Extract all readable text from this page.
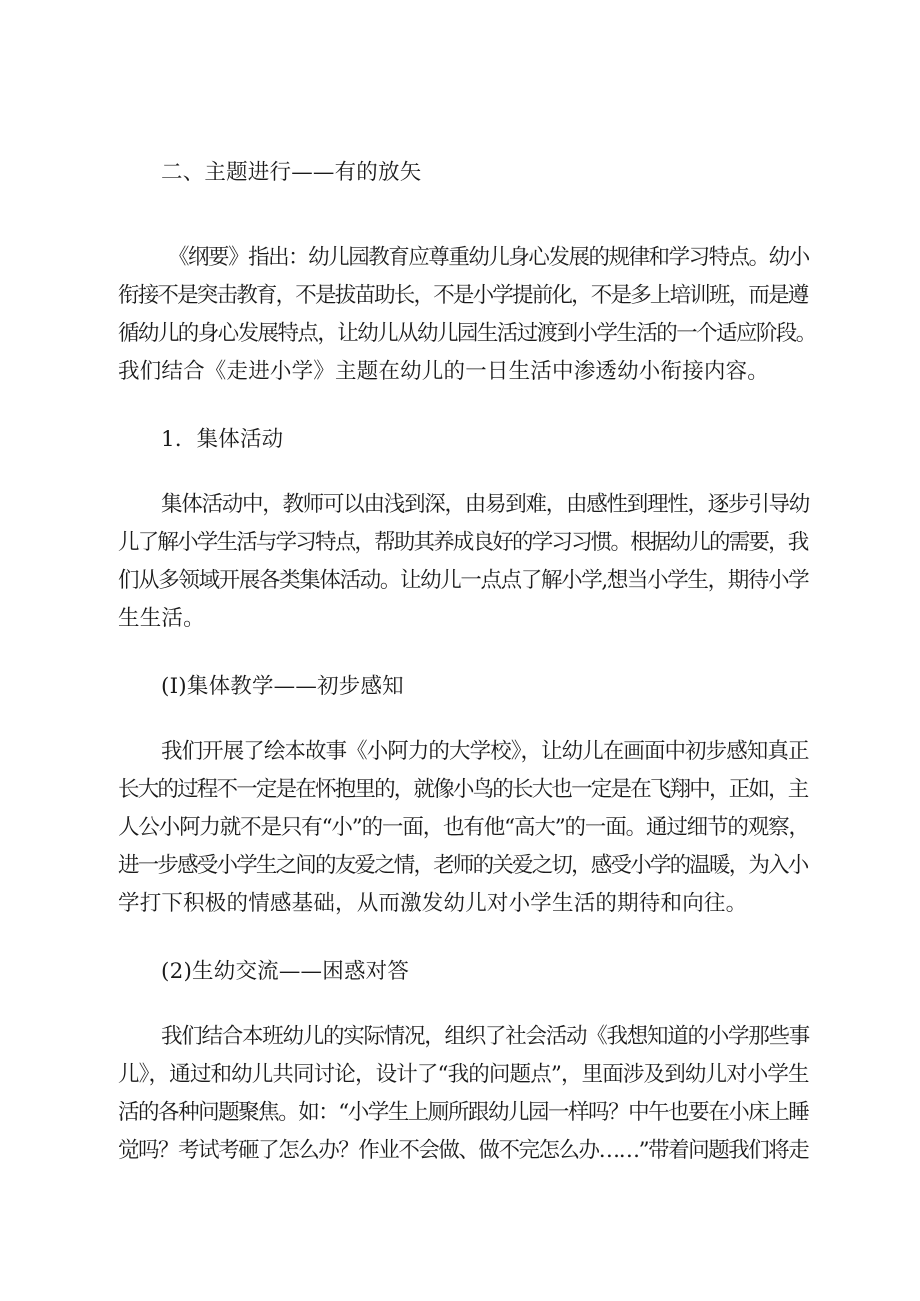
二、主题进行——有的放矢
《纲要》指出：幼儿园教育应尊重幼儿身心发展的规律和学习特点。幼小
衔接不是突击教育，不是拔苗助长，不是小学提前化，不是多上培训班，而是遵
循幼儿的身心发展特点，让幼儿从幼儿园生活过渡到小学生活的一个适应阶段。
我们结合《走进小学》主题在幼儿的一日生活中渗透幼小衔接内容。
1．集体活动
集体活动中，教师可以由浅到深，由易到难，由感性到理性，逐步引导幼
儿了解小学生活与学习特点，帮助其养成良好的学习习惯。根据幼儿的需要，我
们从多领域开展各类集体活动。让幼儿一点点了解小学,想当小学生，期待小学
生生活。
(I)集体教学——初步感知
我们开展了绘本故事《小阿力的大学校》，让幼儿在画面中初步感知真正
长大的过程不一定是在怀抱里的，就像小鸟的长大也一定是在飞翔中，正如，主
人公小阿力就不是只有“小”的一面，也有他“高大”的一面。通过细节的观察，
进一步感受小学生之间的友爱之情，老师的关爱之切，感受小学的温暖，为入小
学打下积极的情感基础，从而激发幼儿对小学生活的期待和向往。
(2)生幼交流——困惑对答
我们结合本班幼儿的实际情况，组织了社会活动《我想知道的小学那些事
儿》，通过和幼儿共同讨论，设计了“我的问题点”，里面涉及到幼儿对小学生
活的各种问题聚焦。如：“小学生上厕所跟幼儿园一样吗？中午也要在小床上睡
觉吗？考试考砸了怎么办？作业不会做、做不完怎么办……”带着问题我们将走
